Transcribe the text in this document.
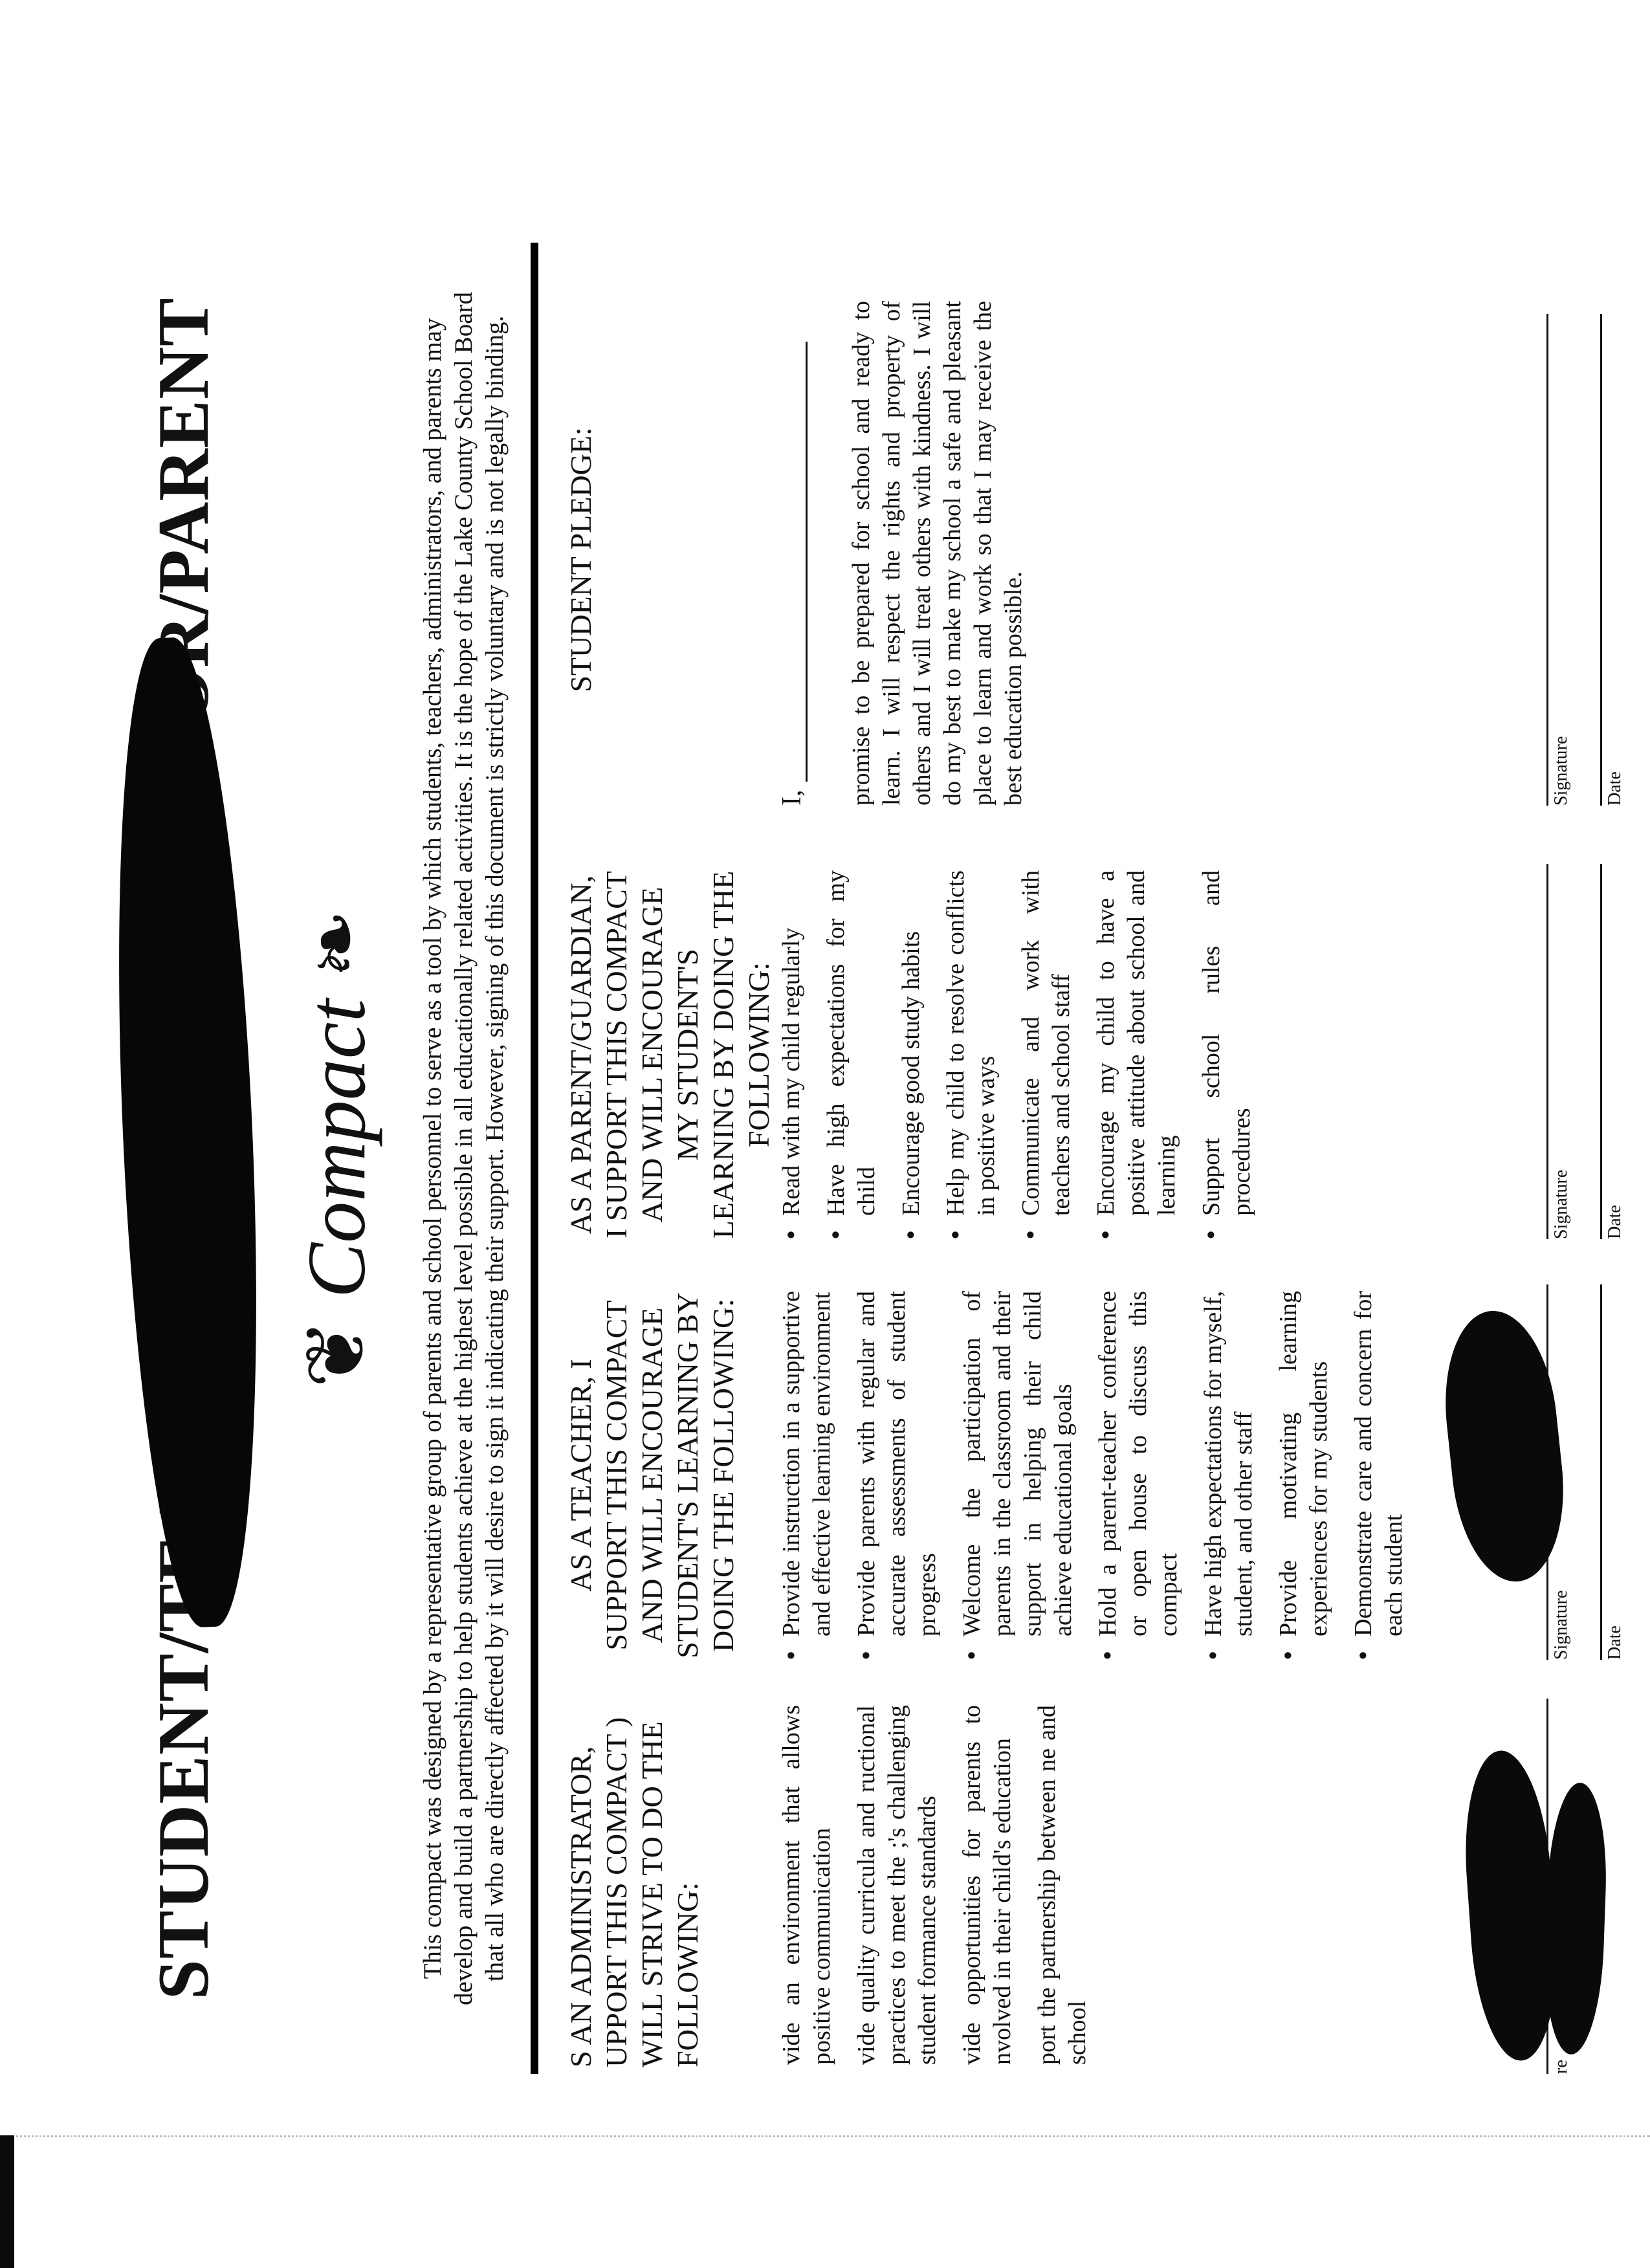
❦ Compact ❧ This compact was designed by a representative group of parents and school personnel to serve as a tool by which students, teachers, administrators, and parents may develop and build a partnership to help students achieve at the highest level possible in all educationally related activities. It is the hope of the Lake County School Board that all who are directly affected by it will desire to sign it indicating their support. However, signing of this document is strictly voluntary and is not legally binding. S AN ADMINISTRATOR, UPPORT THIS COMPACT ) WILL STRIVE TO DO THE FOLLOWING:	vide an environment that allows positive communication vide quality curricula and ructional practices to meet the ;'s challenging student formance standards vide opportunities for parents to nvolved in their child's education port the partnership between ne and school
AS A TEACHER, I SUPPORT THIS COMPACT AND WILL ENCOURAGE STUDENT'S LEARNING BY DOING THE FOLLOWING:
•
Provide instruction in a supportive and effective learning environment
•
Provide parents with regular and accurate assessments of student progress
•
Welcome the participation of parents in the classroom and their support in helping their child achieve educational goals
•
Hold a parent-teacher conference or open house to discuss this compact
•
Have high expectations for myself, student, and other staff
•
Provide motivating learning experiences for my students
•
Demonstrate care and concern for each student
AS A PARENT/GUARDIAN, I SUPPORT THIS COMPACT AND WILL ENCOURAGE MY STUDENT'S LEARNING BY DOING THE FOLLOWING:
•
Read with my child regularly
•
Have high expectations for my child
•
Encourage good study habits
•
Help my child to resolve conflicts in positive ways
•
Communicate and work with teachers and school staff
•
Encourage my child to have a positive attitude about school and learning
•
Support school rules and procedures
STUDENT PLEDGE:
I, promise to be prepared for school and ready to learn. I will respect the rights and property of others and I will treat others with kindness. I will do my best to make my school a safe and pleasant place to learn and work so that I may receive the best education possible.
re
Signature	Date
Signature	Date
Signature	Date
